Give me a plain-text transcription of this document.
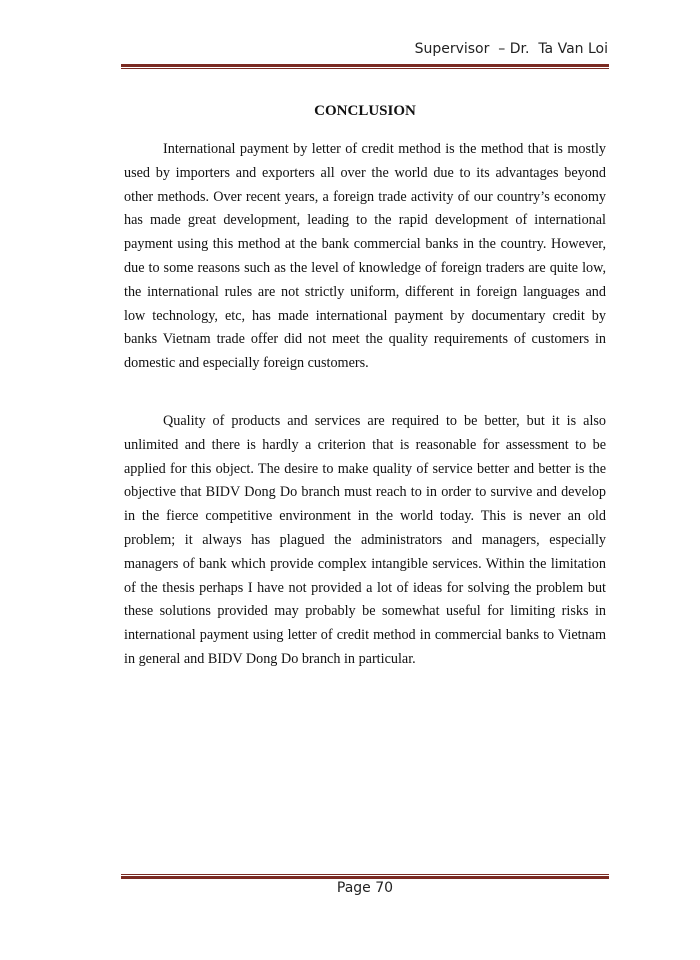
Supervisor  – Dr.  Ta Van Loi
CONCLUSION

International payment by letter of credit method is the method that is mostly used by importers and exporters all over the world due to its advantages beyond other methods. Over recent years, a foreign trade activity of our country’s economy has made great development, leading to the rapid development of international payment using this method at the bank commercial banks in the country. However, due to some reasons such as the level of knowledge of foreign traders are quite low, the international rules are not strictly uniform, different in foreign languages and low technology, etc, has made international payment by documentary credit by banks Vietnam trade offer did not meet the quality requirements of customers in domestic and especially foreign customers.

Quality of products and services are required to be better, but it is also unlimited and there is hardly a criterion that is reasonable for assessment to be applied for this object. The desire to make quality of service better and better is the objective that BIDV Dong Do branch must reach to in order to survive and develop in the fierce competitive environment in the world today. This is never an old problem; it always has plagued the administrators and managers, especially managers of bank which provide complex intangible services. Within the limitation of the thesis perhaps I have not provided a lot of ideas for solving the problem but these solutions provided may probably be somewhat useful for limiting risks in international payment using letter of credit method in commercial banks to Vietnam in general and BIDV Dong Do branch in particular.

Page 70
